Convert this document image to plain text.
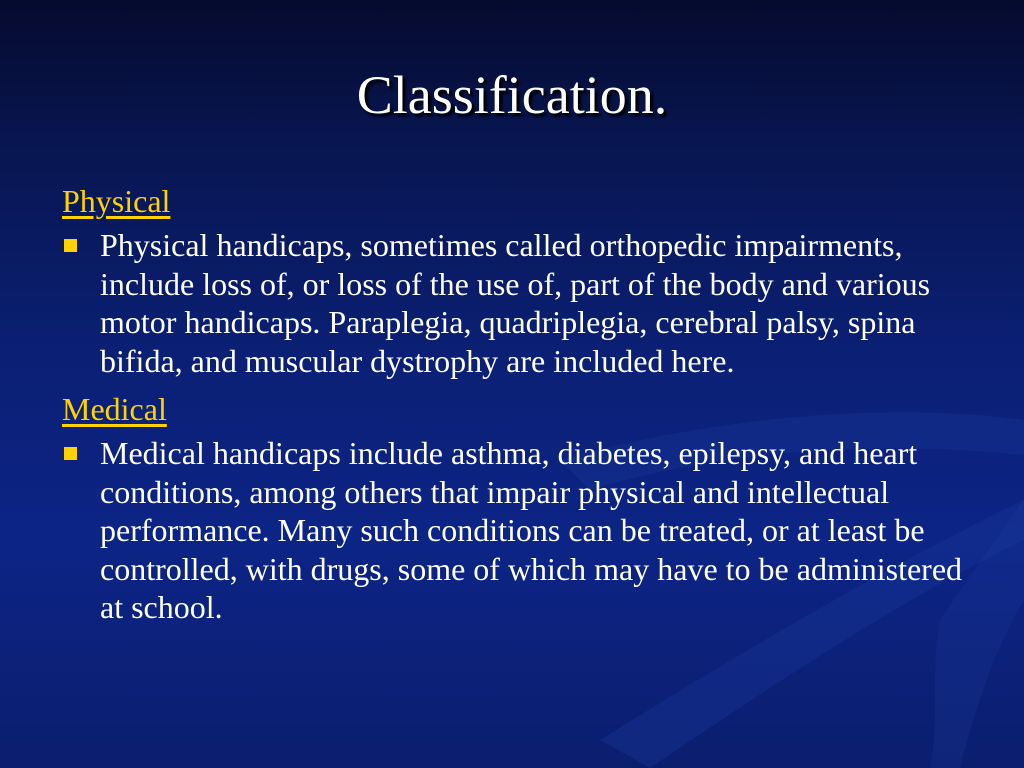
Classification.
Physical
Physical handicaps, sometimes called orthopedic impairments, include loss of, or loss of the use of, part of the body and various motor handicaps. Paraplegia, quadriplegia, cerebral palsy, spina bifida, and muscular dystrophy are included here.
Medical
Medical handicaps include asthma, diabetes, epilepsy, and heart conditions, among others that impair physical and intellectual performance. Many such conditions can be treated, or at least be controlled, with drugs, some of which may have to be administered at school.
